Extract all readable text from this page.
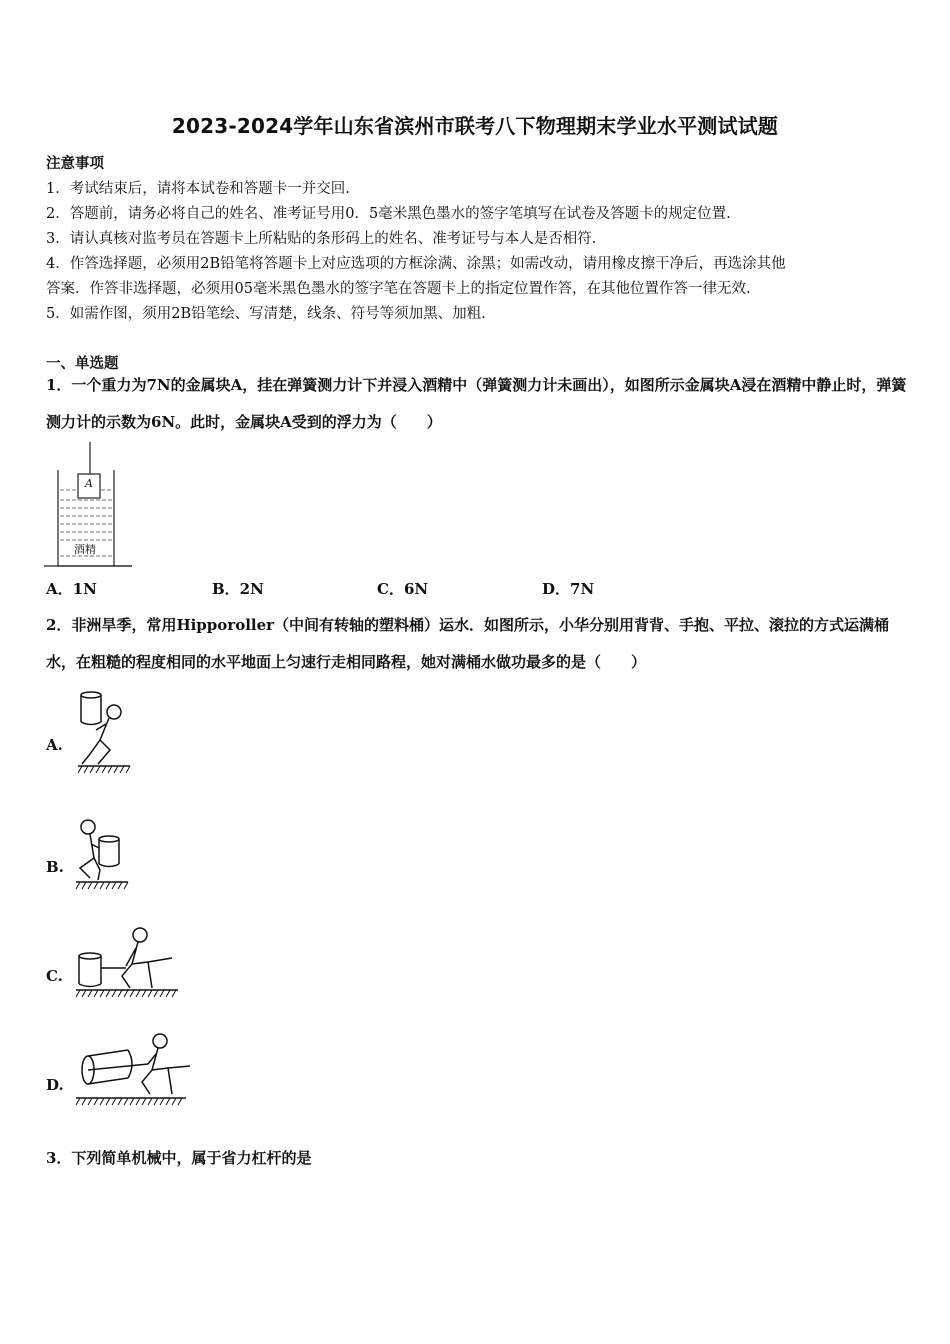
2023-2024学年山东省滨州市联考八下物理期末学业水平测试试题
注意事项
1．考试结束后，请将本试卷和答题卡一并交回.
2．答题前，请务必将自己的姓名、准考证号用0．5毫米黑色墨水的签字笔填写在试卷及答题卡的规定位置.
3．请认真核对监考员在答题卡上所粘贴的条形码上的姓名、准考证号与本人是否相符.
4．作答选择题，必须用2B铅笔将答题卡上对应选项的方框涂满、涂黑；如需改动，请用橡皮擦干净后，再选涂其他
答案．作答非选择题，必须用05毫米黑色墨水的签字笔在答题卡上的指定位置作答，在其他位置作答一律无效.
5．如需作图，须用2B铅笔绘、写清楚，线条、符号等须加黑、加粗.
一、单选题
1．一个重力为7N的金属块A，挂在弹簧测力计下并浸入酒精中（弹簧测力计未画出），如图所示金属块A浸在酒精中静止时，弹簧测力计的示数为6N。此时，金属块A受到的浮力为（　　）
A
酒精
A．1N	B．2N	C．6N	D．7N
2．非洲旱季，常用Hipporoller（中间有转轴的塑料桶）运水．如图所示，小华分别用背背、手抱、平拉、滚拉的方式运满桶水，在粗糙的程度相同的水平地面上匀速行走相同路程，她对满桶水做功最多的是（　　）
A.
B.
C.
D.
3．下列简单机械中，属于省力杠杆的是
